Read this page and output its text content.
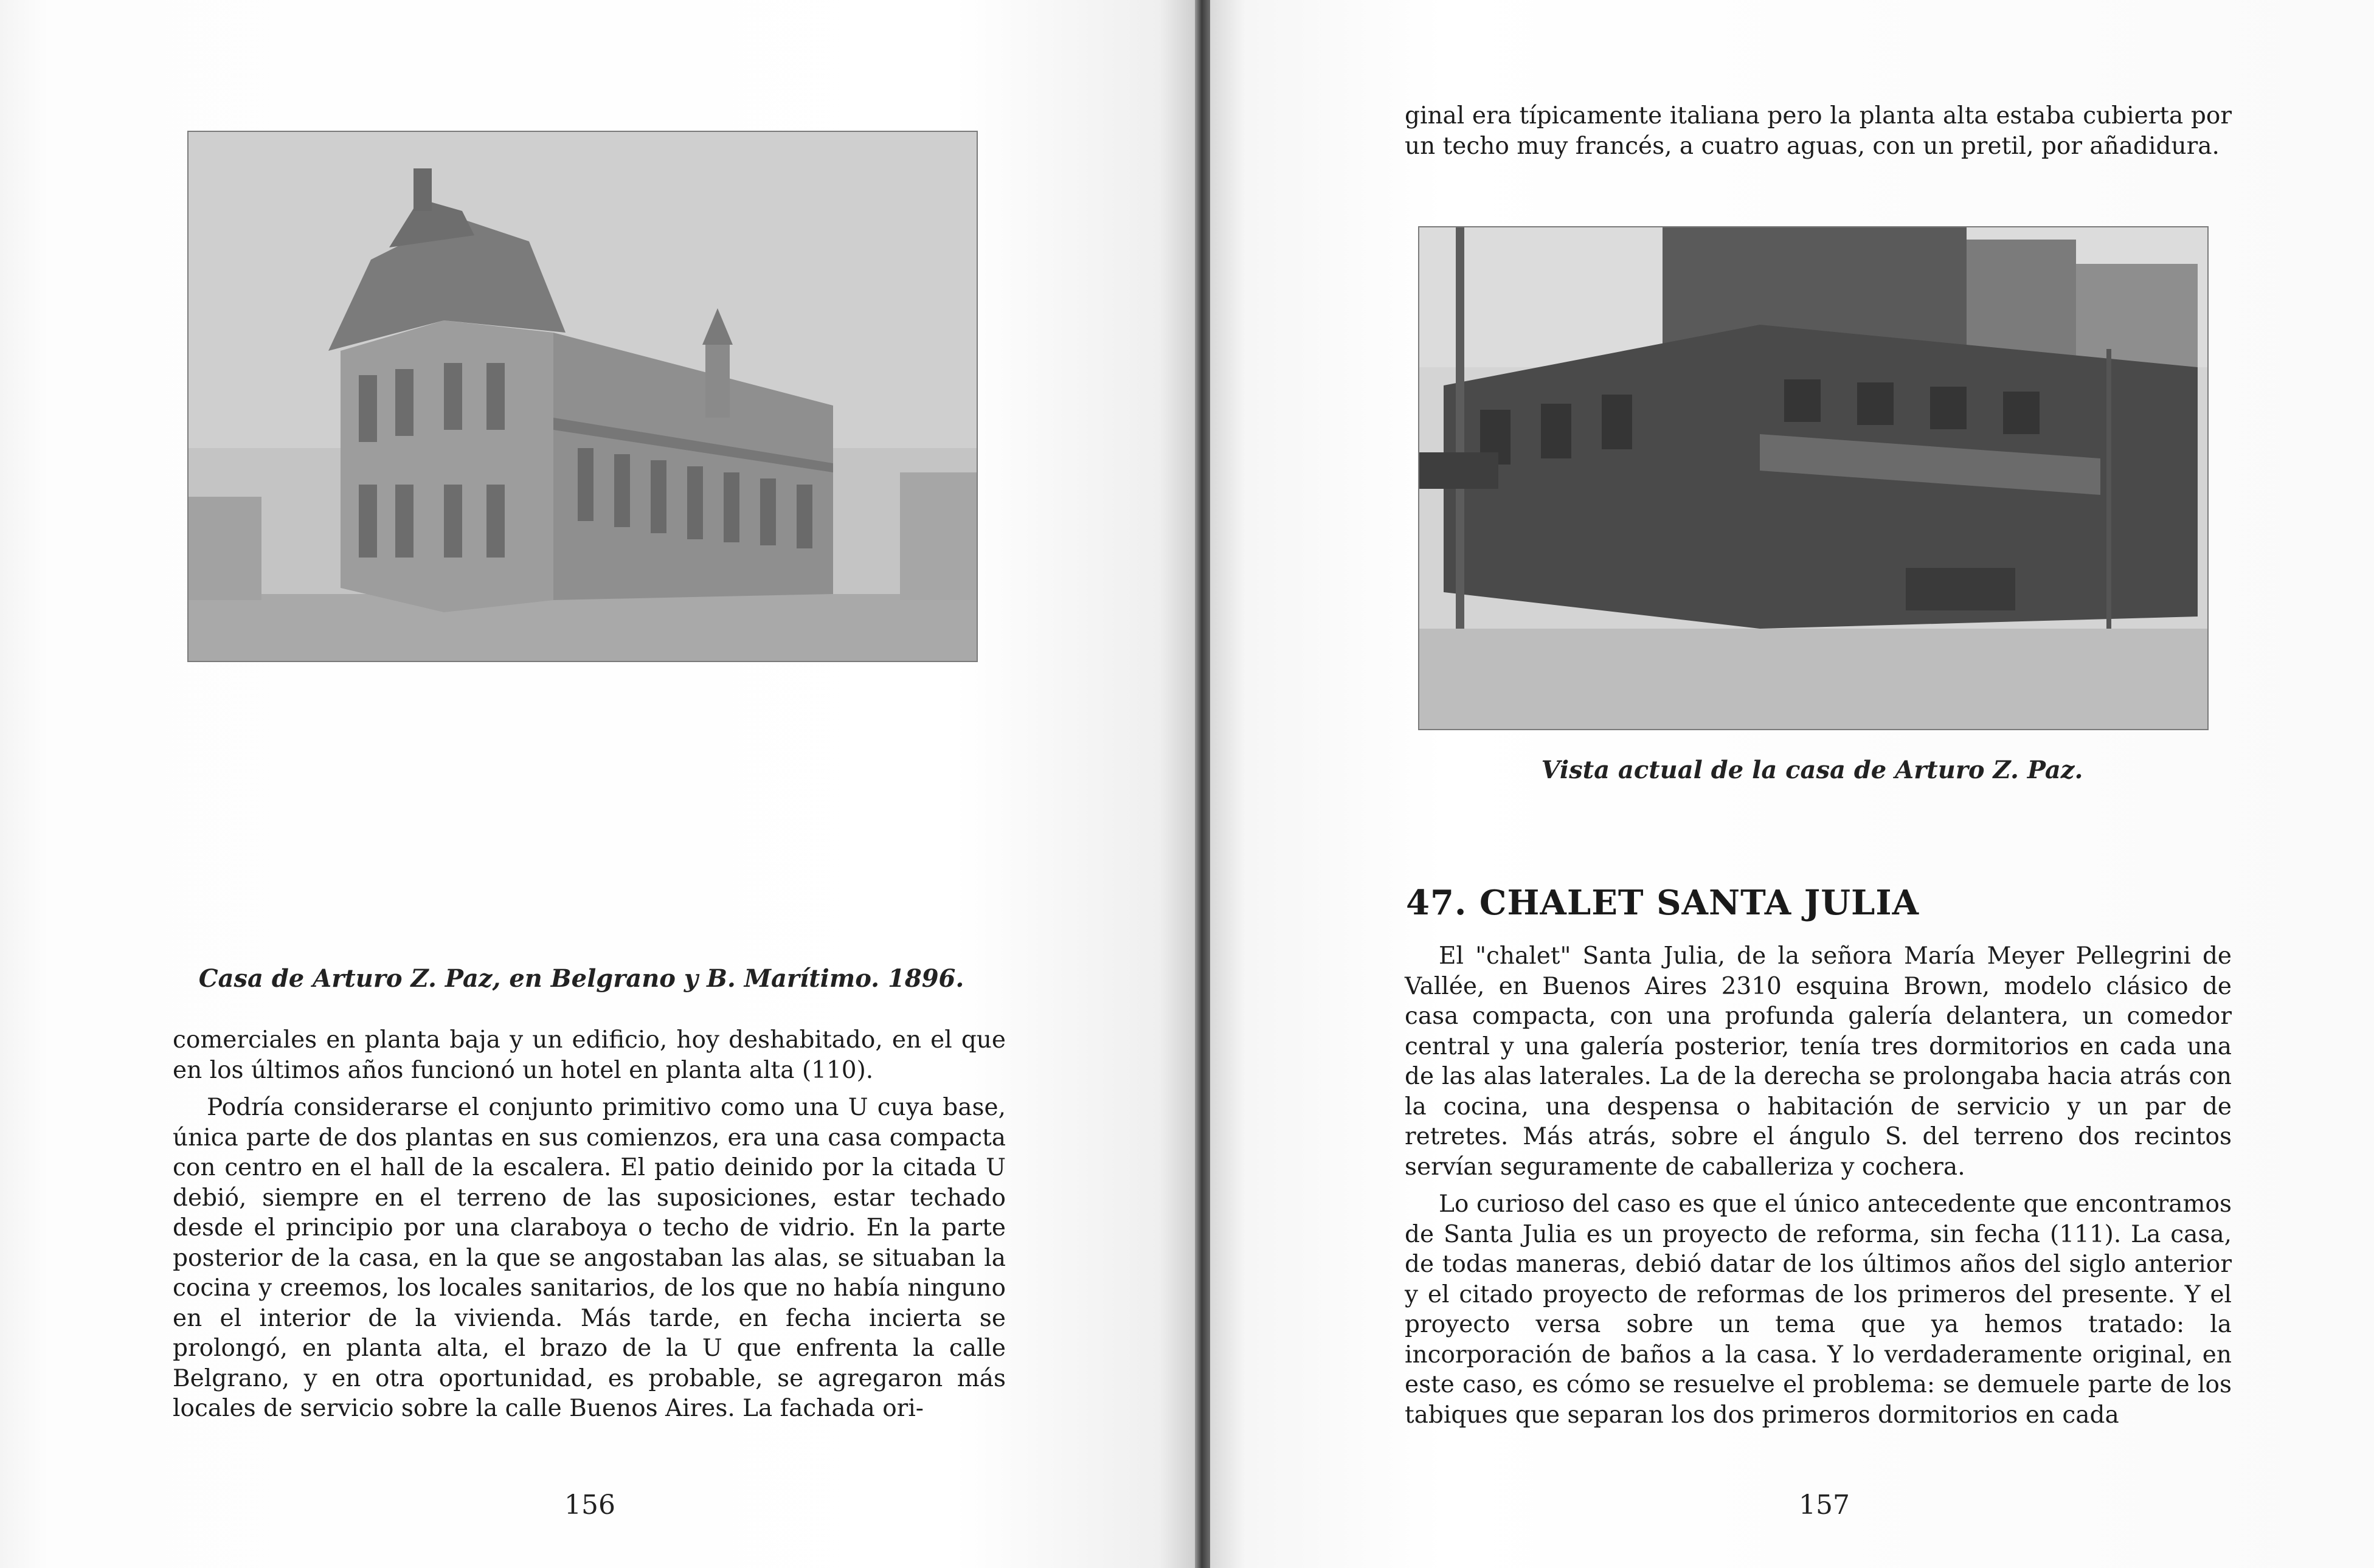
Casa de Arturo Z. Paz, en Belgrano y B. Marítimo. 1896.

comerciales en planta baja y un edificio, hoy deshabitado, en el que en los últimos años funcionó un hotel en planta alta (110).

Podría considerarse el conjunto primitivo como una U cuya base, única parte de dos plantas en sus comienzos, era una casa compacta con centro en el hall de la escalera. El patio deinido por la citada U debió, siempre en el terreno de las suposiciones, estar techado desde el principio por una claraboya o techo de vidrio. En la parte posterior de la casa, en la que se angostaban las alas, se situaban la cocina y creemos, los locales sanitarios, de los que no había ninguno en el interior de la vivienda. Más tarde, en fecha incierta se prolongó, en planta alta, el brazo de la U que enfrenta la calle Belgrano, y en otra oportunidad, es probable, se agregaron más locales de servicio sobre la calle Buenos Aires. La fachada ori-

156

ginal era típicamente italiana pero la planta alta estaba cubierta por un techo muy francés, a cuatro aguas, con un pretil, por añadidura.

Vista actual de la casa de Arturo Z. Paz.
47. CHALET SANTA JULIA

El "chalet" Santa Julia, de la señora María Meyer Pellegrini de Vallée, en Buenos Aires 2310 esquina Brown, modelo clásico de casa compacta, con una profunda galería delantera, un comedor central y una galería posterior, tenía tres dormitorios en cada una de las alas laterales. La de la derecha se prolongaba hacia atrás con la cocina, una despensa o habitación de servicio y un par de retretes. Más atrás, sobre el ángulo S. del terreno dos recintos servían seguramente de caballeriza y cochera.

Lo curioso del caso es que el único antecedente que encontramos de Santa Julia es un proyecto de reforma, sin fecha (111). La casa, de todas maneras, debió datar de los últimos años del siglo anterior y el citado proyecto de reformas de los primeros del presente. Y el proyecto versa sobre un tema que ya hemos tratado: la incorporación de baños a la casa. Y lo verdaderamente original, en este caso, es cómo se resuelve el problema: se demuele parte de los tabiques que separan los dos primeros dormitorios en cada

157
